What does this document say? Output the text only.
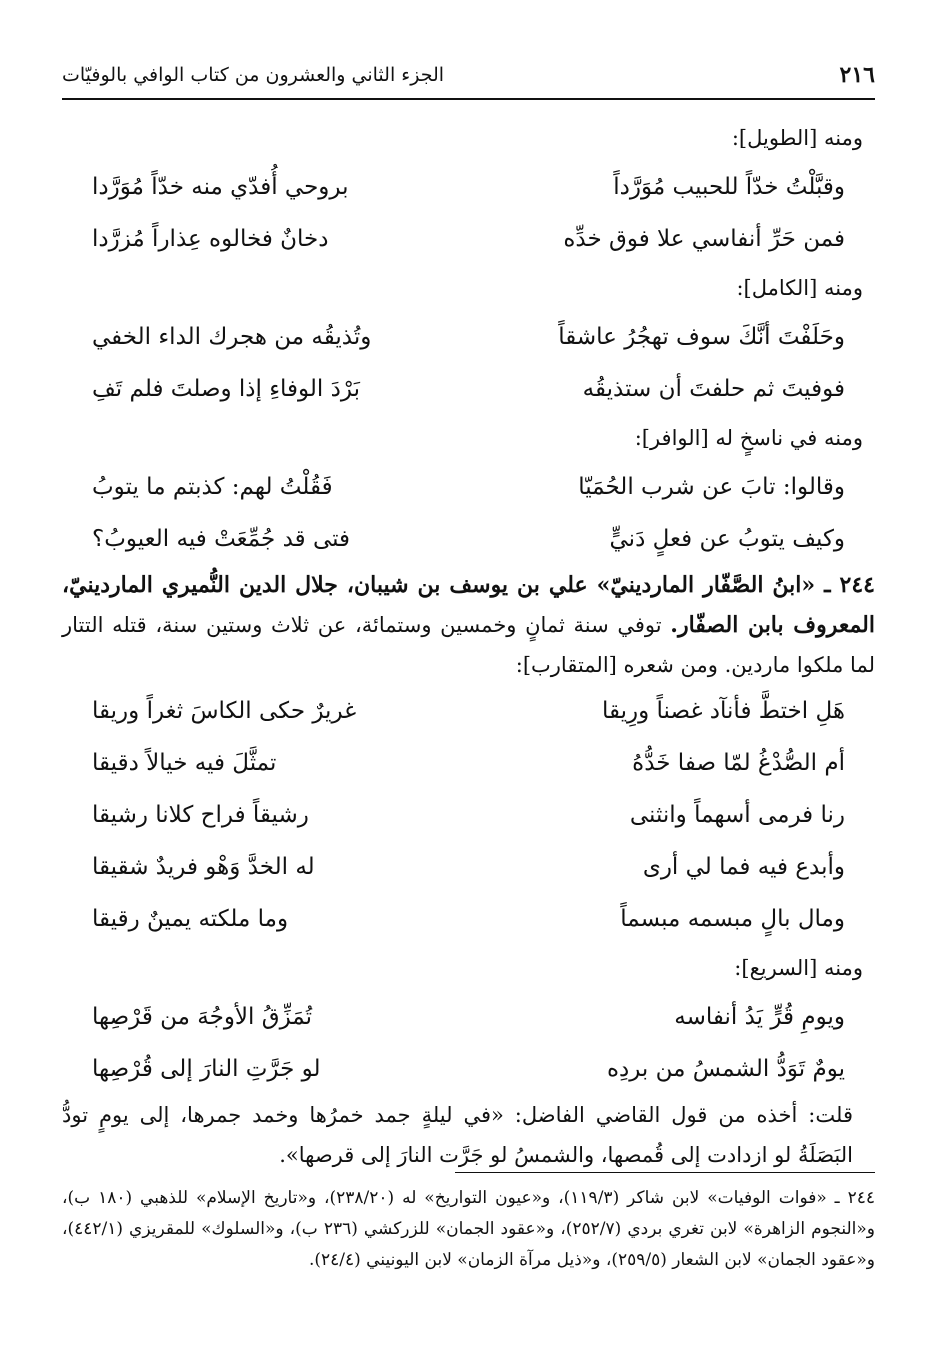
٢١٦
الجزء الثاني والعشرون من كتاب الوافي بالوفيّات
ومنه [الطويل]:
وقبَّلْتُ خدّاً للحبيب مُوَرَّداً
بروحي أُفدّي منه خدّاً مُوَرَّدا
فمن حَرِّ أنفاسي علا فوق خدِّه
دخانٌ فخالوه عِذاراً مُزرَّدا
ومنه [الكامل]:
وحَلَفْتَ أنَّكَ سوف تهجُرُ عاشقاً
وتُذيقُه من هجرك الداء الخفي
فوفيتَ ثم حلفتَ أن ستذيقُه
بَرْدَ الوفاءِ إذا وصلتَ فلم تَفِ
ومنه في ناسخٍ له [الوافر]:
وقالوا: تابَ عن شرب الحُمَيّا
فَقُلْتُ لهم: كذبتم ما يتوبُ
وكيف يتوبُ عن فعلٍ دَنيٍّ
فتى قد جُمِّعَتْ فيه العيوبُ؟
٢٤٤ ـ «ابنُ الصَّفّار الماردينيّ» علي بن يوسف بن شيبان، جلال الدين النُّميري الماردينيّ، المعروف بابن الصفّار. توفي سنة ثمانٍ وخمسين وستمائة، عن ثلاث وستين سنة، قتله التتار لما ملكوا ماردين. ومن شعره [المتقارب]:
هَلِ اختطَّ فأنآد غصناً ورِيقا
غريرٌ حكى الكاسَ ثغراً وريقا
أم الصُّدْغُ لمّا صفا خَدُّهُ
تمثَّلَ فيه خيالاً دقيقا
رنا فرمى أسهماً وانثنى
رشيقاً فراح كلانا رشيقا
وأبدع فيه فما لي أرى
له الخدَّ وَهْو فريدٌ شقيقا
ومال بالٍ مبسمه مبسماً
وما ملكته يمينٌ رقيقا
ومنه [السريع]:
ويومِ قُرٍّ يَدُ أنفاسه
تُمَزِّقُ الأوجُهَ من قَرْصِها
يومٌ تَوَدُّ الشمسُ من بردِه
لو جَرَّتِ النارَ إلى قُرْصِها
قلت: أخذه من قول القاضي الفاضل: «في ليلةٍ جمد خمرُها وخمد جمرها، إلى يومٍ تودُّ البَصَلَةُ لو ازدادت إلى قُمصها، والشمسُ لو جَرَّت النارَ إلى قرصها».

٢٤٤ ـ «فوات الوفيات» لابن شاكر (١١٩/٣)، و«عيون التواريخ» له (٢٣٨/٢٠)، و«تاريخ الإسلام» للذهبي (١٨٠ ب)، و«النجوم الزاهرة» لابن تغري بردي (٢٥٢/٧)، و«عقود الجمان» للزركشي (٢٣٦ ب)، و«السلوك» للمقريزي (٤٤٢/١)، و«عقود الجمان» لابن الشعار (٢٥٩/٥)، و«ذيل مرآة الزمان» لابن اليونيني (٢٤/٤).
